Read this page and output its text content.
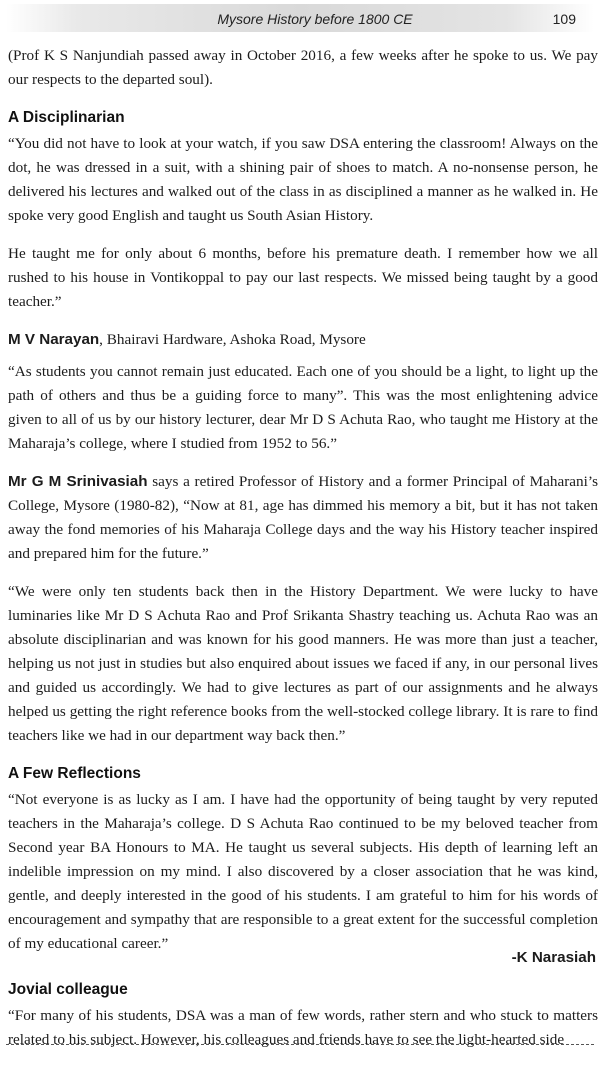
Mysore History before 1800 CE	109

(Prof K S Nanjundiah passed away in October 2016, a few weeks after he spoke to us. We pay our respects to the departed soul).

A Disciplinarian

“You did not have to look at your watch, if you saw DSA entering the classroom! Always on the dot, he was dressed in a suit, with a shining pair of shoes to match. A no-nonsense person, he delivered his lectures and walked out of the class in as disciplined a manner as he walked in. He spoke very good English and taught us South Asian History.

He taught me for only about 6 months, before his premature death. I remember how we all rushed to his house in Vontikoppal to pay our last respects. We missed being taught by a good teacher.”

M V Narayan, Bhairavi Hardware, Ashoka Road, Mysore

“As students you cannot remain just educated. Each one of you should be a light, to light up the path of others and thus be a guiding force to many”. This was the most enlightening advice given to all of us by our history lecturer, dear Mr D S Achuta Rao, who taught me History at the Maharaja’s college, where I studied from 1952 to 56.”

Mr G M Srinivasiah says a retired Professor of History and a former Principal of Maharani’s College, Mysore (1980-82), “Now at 81, age has dimmed his memory a bit, but it has not taken away the fond memories of his Maharaja College days and the way his History teacher inspired and prepared him for the future.”

“We were only ten students back then in the History Department. We were lucky to have luminaries like Mr D S Achuta Rao and Prof Srikanta Shastry teaching us. Achuta Rao was an absolute disciplinarian and was known for his good manners. He was more than just a teacher, helping us not just in studies but also enquired about issues we faced if any, in our personal lives and guided us accordingly. We had to give lectures as part of our assignments and he always helped us getting the right reference books from the well-stocked college library. It is rare to find teachers like we had in our department way back then.”

A Few Reflections

“Not everyone is as lucky as I am. I have had the opportunity of being taught by very reputed teachers in the Maharaja’s college. D S Achuta Rao continued to be my beloved teacher from Second year BA Honours to MA. He taught us several subjects. His depth of learning left an indelible impression on my mind. I also discovered by a closer association that he was kind, gentle, and deeply interested in the good of his students. I am grateful to him for his words of encouragement and sympathy that are responsible to a great extent for the successful completion of my educational career.”

-K Narasiah
Jovial colleague

“For many of his students, DSA was a man of few words, rather stern and who stuck to matters related to his subject. However, his colleagues and friends have to see the light-hearted side
